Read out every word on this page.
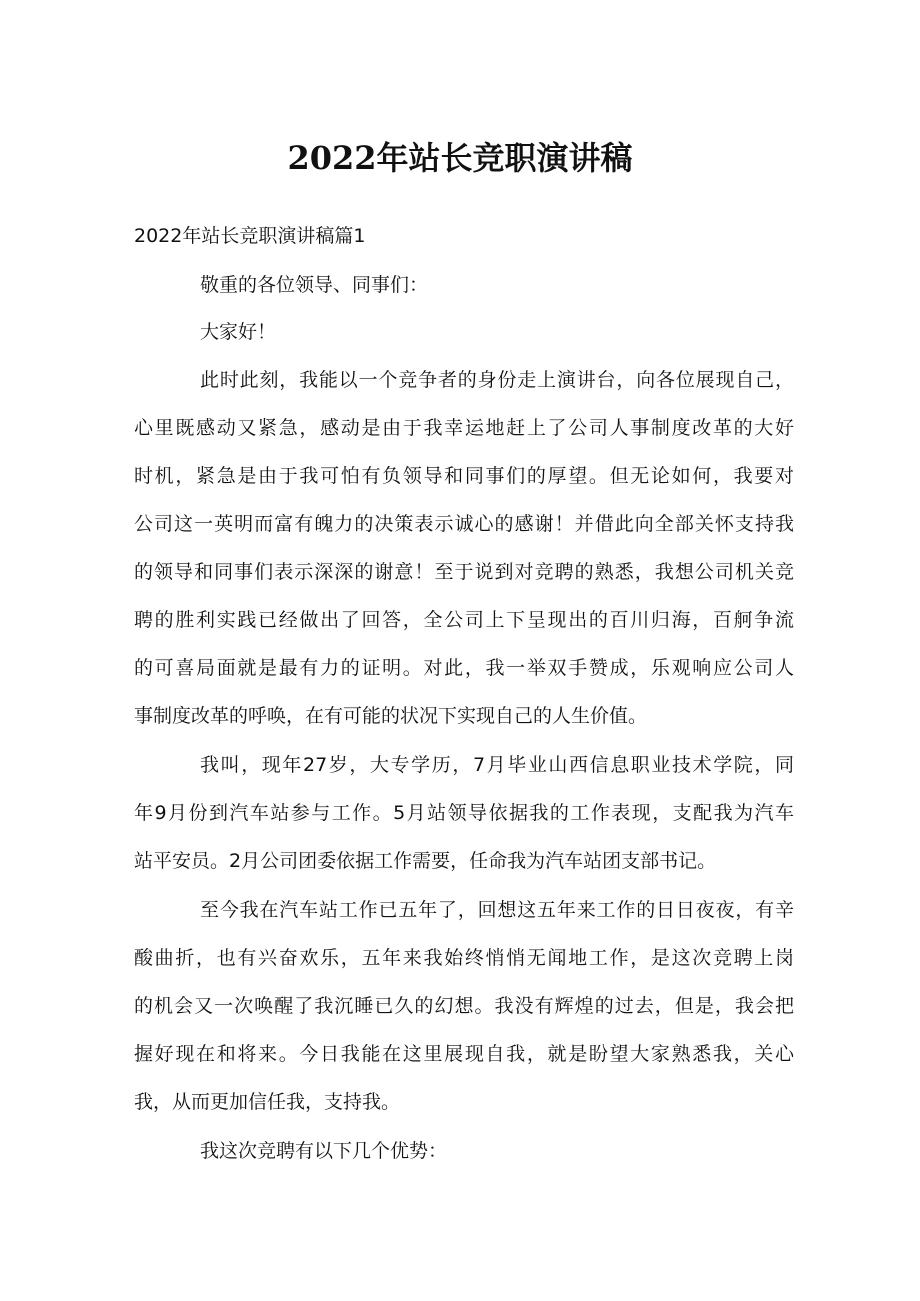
2022年站长竞职演讲稿

2022年站长竞职演讲稿篇1

敬重的各位领导、同事们：

大家好！

此时此刻，我能以一个竞争者的身份走上演讲台，向各位展现自己，

心里既感动又紧急，感动是由于我幸运地赶上了公司人事制度改革的大好

时机，紧急是由于我可怕有负领导和同事们的厚望。但无论如何，我要对

公司这一英明而富有魄力的决策表示诚心的感谢！并借此向全部关怀支持我

的领导和同事们表示深深的谢意！至于说到对竞聘的熟悉，我想公司机关竞

聘的胜利实践已经做出了回答，全公司上下呈现出的百川归海，百舸争流

的可喜局面就是最有力的证明。对此，我一举双手赞成，乐观响应公司人

事制度改革的呼唤，在有可能的状况下实现自己的人生价值。

我叫，现年27岁，大专学历，7月毕业山西信息职业技术学院，同

年9月份到汽车站参与工作。5月站领导依据我的工作表现，支配我为汽车

站平安员。2月公司团委依据工作需要，任命我为汽车站团支部书记。

至今我在汽车站工作已五年了，回想这五年来工作的日日夜夜，有辛

酸曲折，也有兴奋欢乐，五年来我始终悄悄无闻地工作，是这次竞聘上岗

的机会又一次唤醒了我沉睡已久的幻想。我没有辉煌的过去，但是，我会把

握好现在和将来。今日我能在这里展现自我，就是盼望大家熟悉我，关心

我，从而更加信任我，支持我。

我这次竞聘有以下几个优势：
